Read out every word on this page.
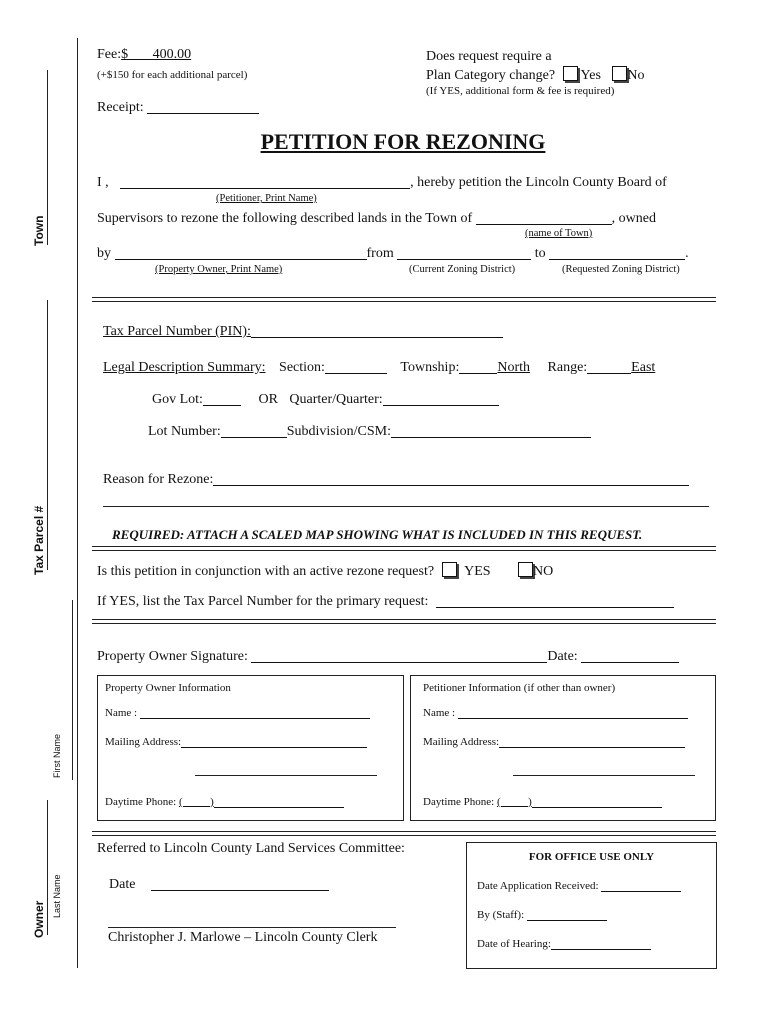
Town
Tax Parcel #
First Name
Owner
Last Name
Fee:$       400.00
(+$150 for each additional parcel)
Receipt:
Does request require a
Plan Category change? Yes No
(If YES, additional form & fee is required)
PETITION FOR REZONING
I ,	, hereby petition the Lincoln County Board of
(Petitioner, Print Name)
Supervisors to rezone the following described lands in the Town of	, owned
(name of Town)
by	from	to	.
(Property Owner, Print Name)	(Current Zoning District)	(Requested Zoning District)
Tax Parcel Number (PIN):
Legal Description Summary: Section:	Township:	North Range:	East
Gov Lot:	OR Quarter/Quarter:
Lot Number:	Subdivision/CSM:
Reason for Rezone:
REQUIRED: ATTACH A SCALED MAP SHOWING WHAT IS INCLUDED IN THIS REQUEST.
Is this petition in conjunction with an active rezone request? YES	NO
If YES, list the Tax Parcel Number for the primary request:
Property Owner Signature:	Date:
Property Owner Information
Name :
Mailing Address:
Daytime Phone: (          )
Petitioner Information (if other than owner)
Name :
Mailing Address:
Daytime Phone: (          )
Referred to Lincoln County Land Services Committee:
Date
Christopher J. Marlowe – Lincoln County Clerk
FOR OFFICE USE ONLY
Date Application Received:
By (Staff):
Date of Hearing:
